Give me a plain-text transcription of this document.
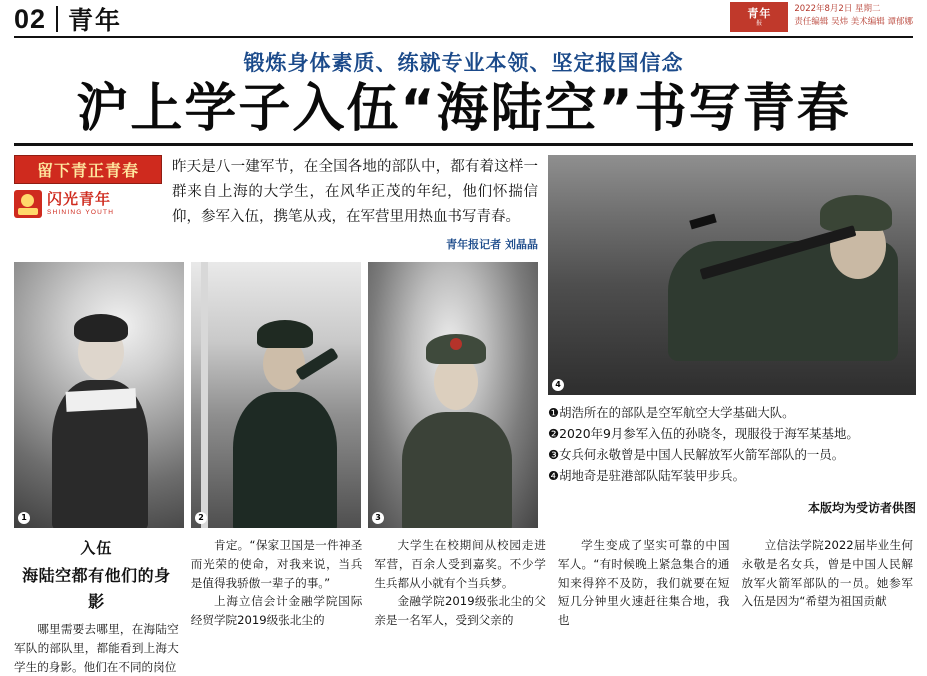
02 青年	青年
报
2022年8月2日 星期二
责任编辑 吴炜 美术编辑 谭郁娜
锻炼身体素质、练就专业本领、坚定报国信念
沪上学子入伍“海陆空”书写青春
留下青正青春
闪光青年
SHINING YOUTH
昨天是八一建军节，在全国各地的部队中，都有着这样一群来自上海的大学生，在风华正茂的年纪，他们怀揣信仰，参军入伍，携笔从戎，在军营里用热血书写青春。
青年报记者 刘晶晶
1	2	3
4
❶胡浩所在的部队是空军航空大学基础大队。
❷2020年9月参军入伍的孙晓冬，现服役于海军某基地。
❸女兵何永敬曾是中国人民解放军火箭军部队的一员。
❹胡地奇是驻港部队陆军装甲步兵。
本版均为受访者供图
入伍
海陆空都有他们的身影

哪里需要去哪里，在海陆空军队的部队里，都能看到上海大学生的身影。他们在不同的岗位

肯定。“保家卫国是一件神圣而光荣的使命，对我来说，当兵是值得我骄傲一辈子的事。”

上海立信会计金融学院国际经贸学院2019级张北尘的

大学生在校期间从校园走进军营，百余人受到嘉奖。不少学生兵都从小就有个当兵梦。

金融学院2019级张北尘的父亲是一名军人，受到父亲的

学生变成了坚实可靠的中国军人。“有时候晚上紧急集合的通知来得猝不及防，我们就要在短短几分钟里火速赶往集合地，我也

立信法学院2022届毕业生何永敬是名女兵，曾是中国人民解放军火箭军部队的一员。她参军入伍是因为“希望为祖国贡献
